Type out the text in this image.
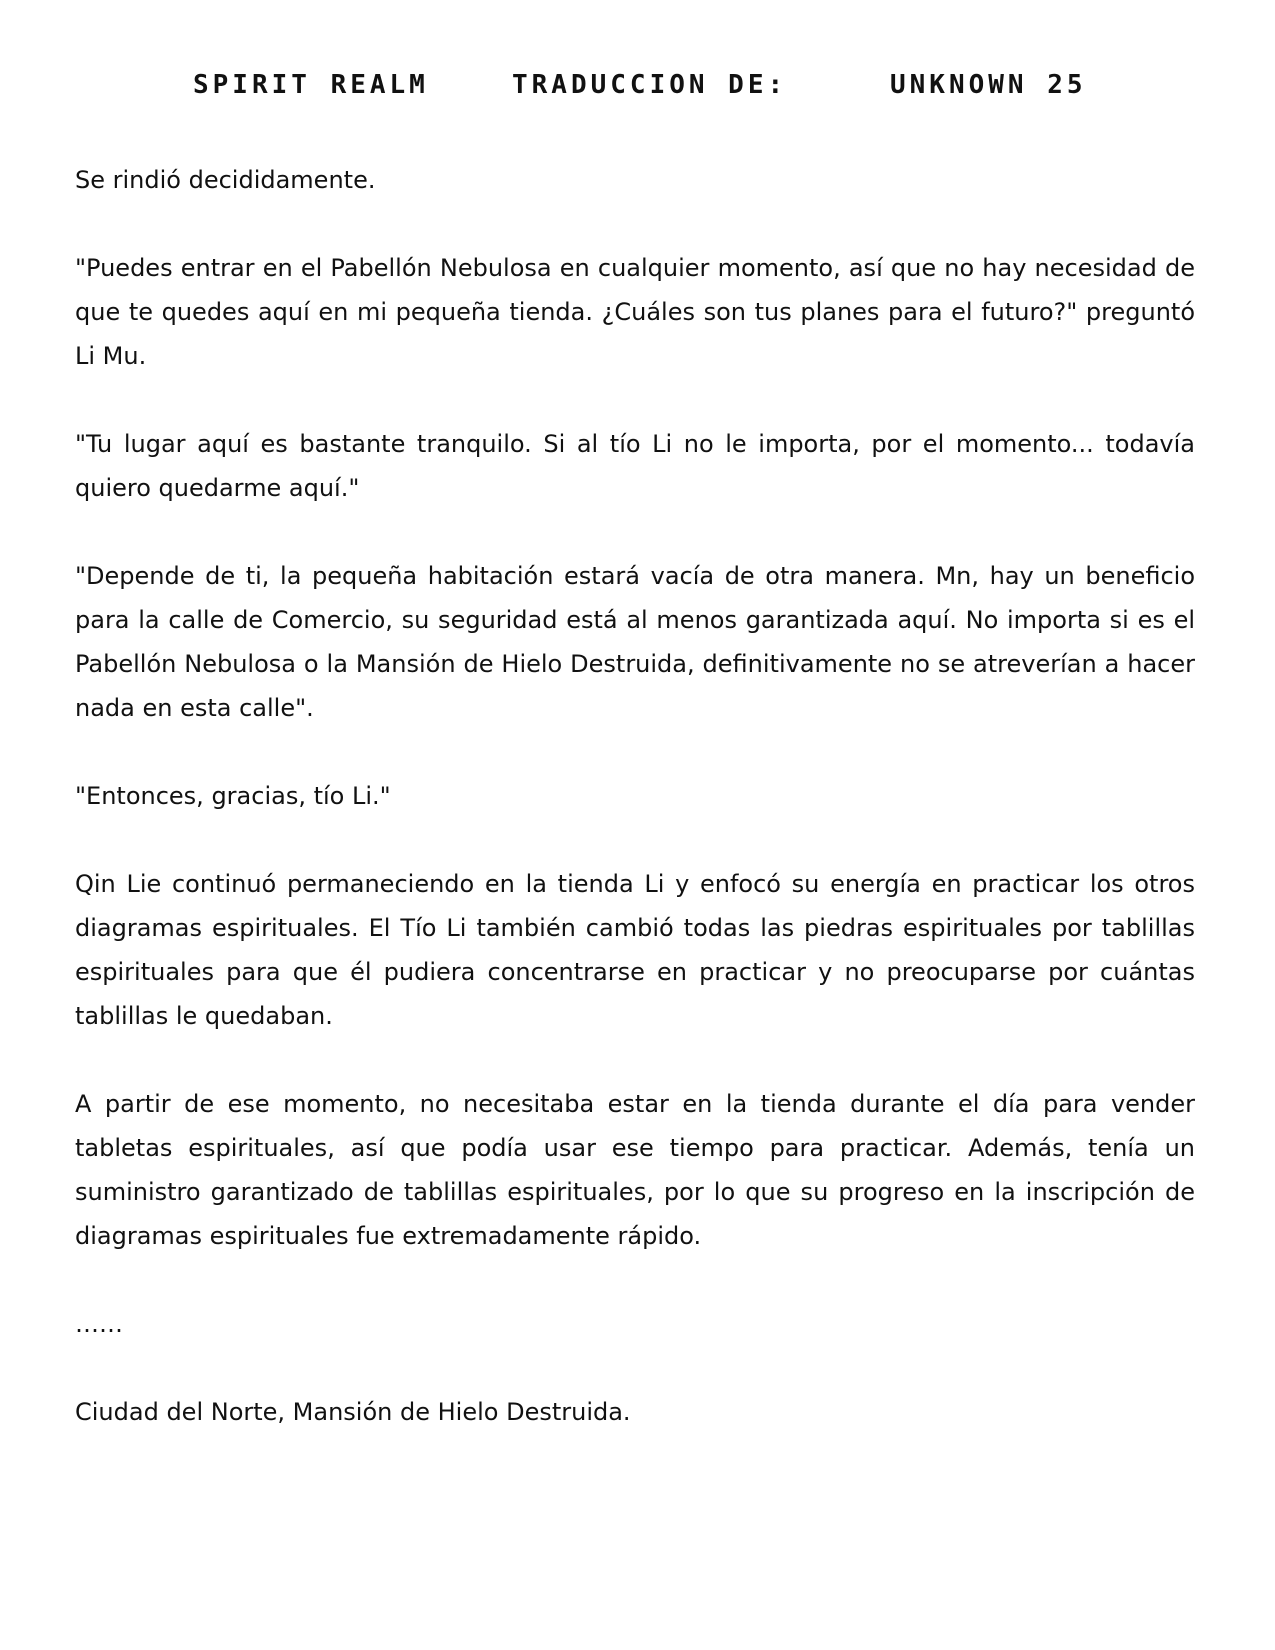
SPIRIT REALM	TRADUCCION DE:	UNKNOWN 25

Se rindió decididamente.

"Puedes entrar en el Pabellón Nebulosa en cualquier momento, así que no hay necesidad de que te quedes aquí en mi pequeña tienda. ¿Cuáles son tus planes para el futuro?" preguntó Li Mu.

"Tu lugar aquí es bastante tranquilo. Si al tío Li no le importa, por el momento... todavía quiero quedarme aquí."

"Depende de ti, la pequeña habitación estará vacía de otra manera. Mn, hay un beneficio para la calle de Comercio, su seguridad está al menos garantizada aquí. No importa si es el Pabellón Nebulosa o la Mansión de Hielo Destruida, definitivamente no se atreverían a hacer nada en esta calle".

"Entonces, gracias, tío Li."

Qin Lie continuó permaneciendo en la tienda Li y enfocó su energía en practicar los otros diagramas espirituales. El Tío Li también cambió todas las piedras espirituales por tablillas espirituales para que él pudiera concentrarse en practicar y no preocuparse por cuántas tablillas le quedaban.

A partir de ese momento, no necesitaba estar en la tienda durante el día para vender tabletas espirituales, así que podía usar ese tiempo para practicar. Además, tenía un suministro garantizado de tablillas espirituales, por lo que su progreso en la inscripción de diagramas espirituales fue extremadamente rápido.

……

Ciudad del Norte, Mansión de Hielo Destruida.
